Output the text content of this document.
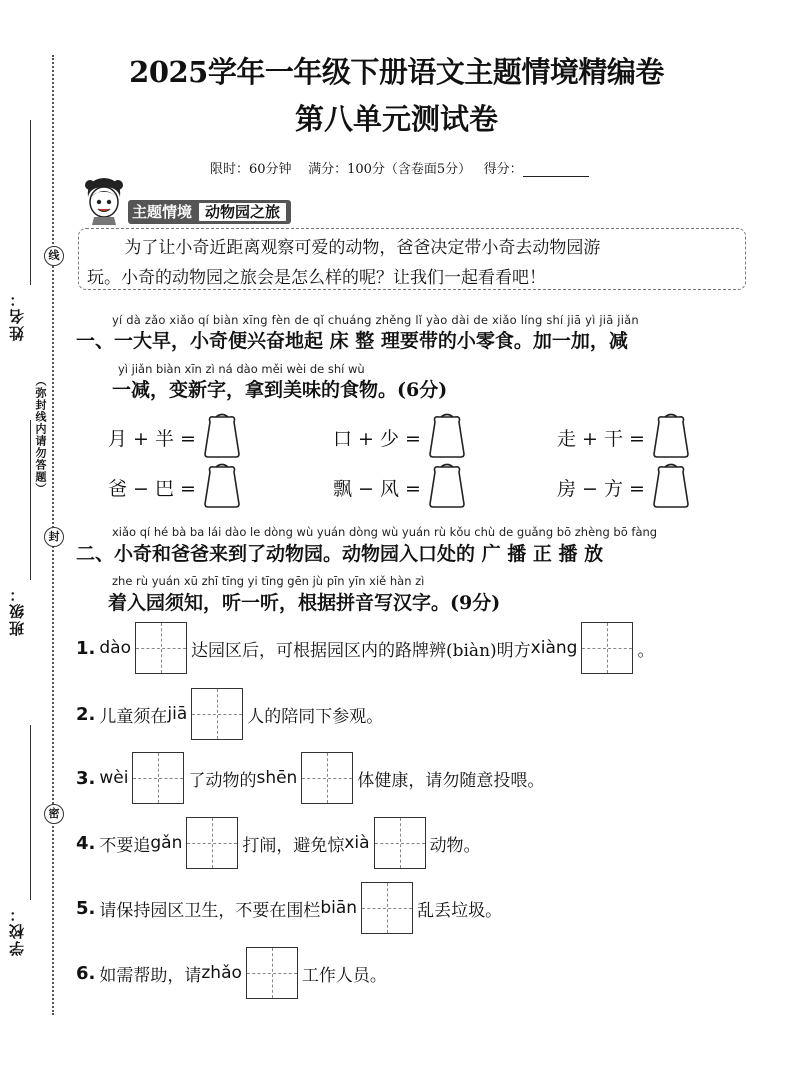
姓名：
班级：
学校：
线
封
密
（弥封线内请勿答题）
2025学年一年级下册语文主题情境精编卷
第八单元测试卷
限时：60分钟 满分：100分（含卷面5分） 得分：
主题情境 动物园之旅

为了让小奇近距离观察可爱的动物，爸爸决定带小奇去动物园游

玩。小奇的动物园之旅会是怎么样的呢？让我们一起看看吧！

yí dà zǎo xiǎo qí biàn xīng fèn de qǐ chuáng zhěng lǐ yào dài de xiǎo líng shí jiā yì jiā jiǎn
一、一大早，小奇便兴奋地起 床 整 理要带的小零食。加一加，减
yì jiǎn biàn xīn zì ná dào měi wèi de shí wù
一减，变新字，拿到美味的食物。(6分)
月 + 半 =	口 + 少 =	走 + 干 =
爸 − 巴 =	飘 − 风 =	房 − 方 =
xiǎo qí hé bà ba lái dào le dòng wù yuán dòng wù yuán rù kǒu chù de guǎng bō zhèng bō fàng
二、小奇和爸爸来到了动物园。动物园入口处的 广 播 正 播 放
zhe rù yuán xū zhī tīng yi tīng gēn jù pīn yīn xiě hàn zì
着入园须知，听一听，根据拼音写汉字。(9分)
1. dào	达园区后，可根据园区内的路牌辨(biàn)明方 xiàng	。
2. 儿童须在 jiā	人的陪同下参观。
3. wèi	了动物的 shēn	体健康，请勿随意投喂。
4. 不要追 gǎn	打闹，避免惊 xià	动物。
5. 请保持园区卫生，不要在围栏 biān	乱丢垃圾。
6. 如需帮助，请 zhǎo	工作人员。
